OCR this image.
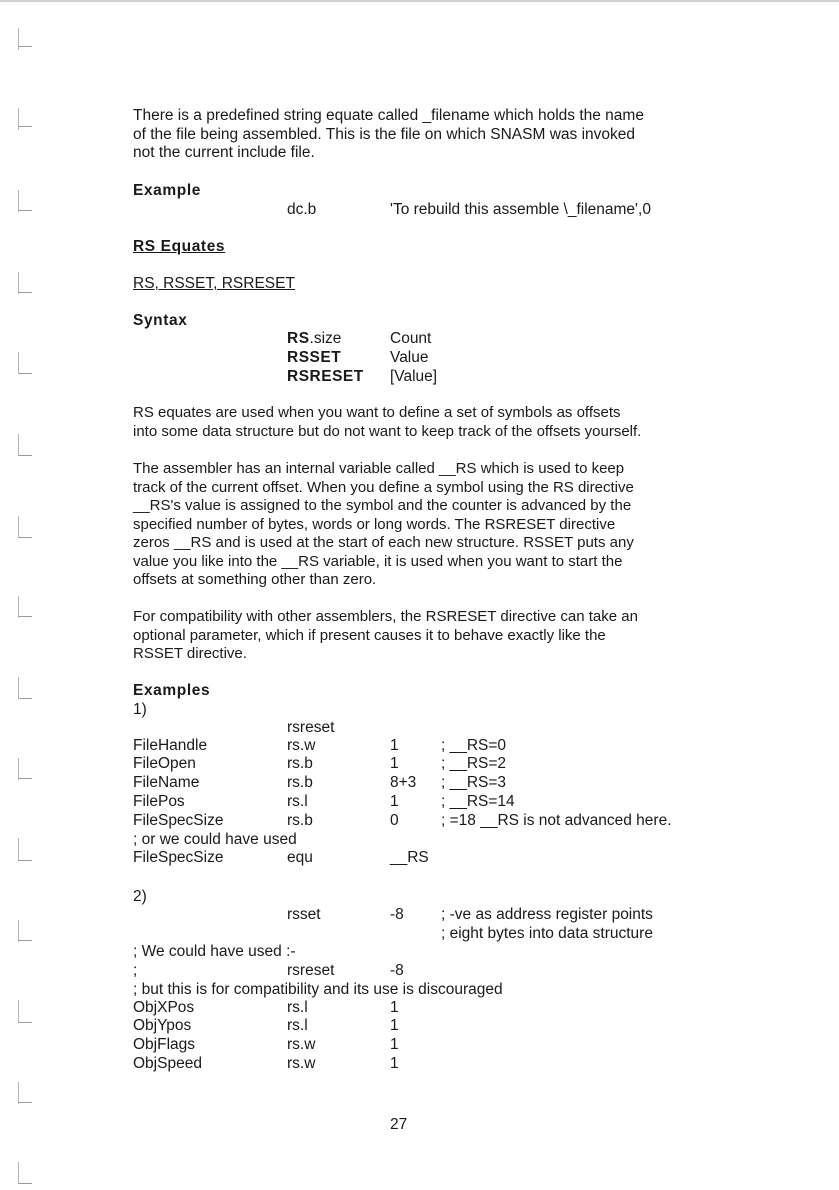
There is a predefined string equate called _filename which holds the name
of the file being assembled. This is the file on which SNASM was invoked
not the current include file.
Example
dc.b	'To rebuild this assemble \_filename',0
RS Equates
RS, RSSET, RSRESET
Syntax
RS.size	Count
RSSET	Value
RSRESET [Value]
RS equates are used when you want to define a set of symbols as offsets
into some data structure but do not want to keep track of the offsets yourself.
The assembler has an internal variable called __RS which is used to keep
track of the current offset. When you define a symbol using the RS directive
__RS's value is assigned to the symbol and the counter is advanced by the
specified number of bytes, words or long words. The RSRESET directive
zeros __RS and is used at the start of each new structure. RSSET puts any
value you like into the __RS variable, it is used when you want to start the
offsets at something other than zero.
For compatibility with other assemblers, the RSRESET directive can take an
optional parameter, which if present causes it to behave exactly like the
RSSET directive.
Examples
1)
rsreset
FileHandle	rs.w	1	; __RS=0
FileOpen	rs.b	1	; __RS=2
FileName	rs.b	8+3 ; __RS=3
FilePos	rs.l	1	; __RS=14
FileSpecSize	rs.b	0	; =18 __RS is not advanced here.
; or we could have used
FileSpecSize	equ	__RS
2)
rsset	-8 ; -ve as address register points
; eight bytes into data structure
; We could have used :-
;	rsreset	-8
; but this is for compatibility and its use is discouraged
ObjXPos	rs.l	1
ObjYpos	rs.l	1
ObjFlags	rs.w	1
ObjSpeed	rs.w	1
27
